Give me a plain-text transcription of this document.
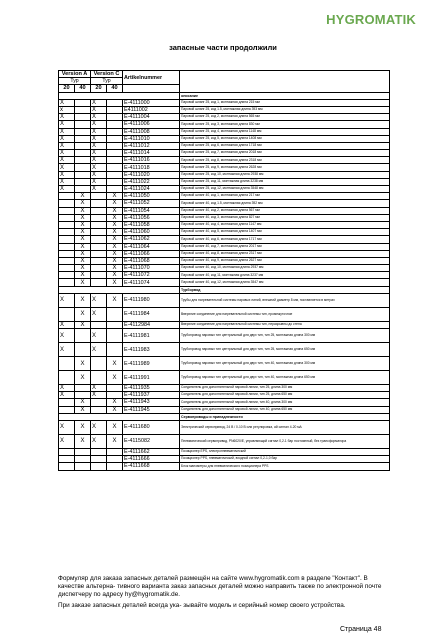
HYGROMATIK
запасные части продолжили
Version A		Version C		Artikelnummer	
Typ		Typ			
20	40	20	40		
					описание
X		X		E-4111000	Паровой шланг 25, код 1, монтажная длина 215 мм
x		X		E4111002	Паровой шланг 25, код 1.5, монтажная длина 393 мм
X		X		E-4111004	Паровой шланг 25, код 2, монтажная длина 565 мм
X		X		E-4111006	Паровой шланг 25, код 3, монтажная длина 830 мм
X		X		E-4111008	Паровой шланг 25, код 4, монтажная длина 1148 мм
X		X		E-4111010	Паровой шланг 25, код 5, монтажная длина 1408 мм
X		X		E-4111012	Паровой шланг 25, код 6, монтажная длина 1718 мм
X		X		E-4111014	Паровой шланг 25, код 7, монтажная длина 2018 мм
X		X		E-4111016	Паровой шланг 25, код 8, монтажная длина 2318 мм
X		X		E-4111018	Паровой шланг 25, код 9, монтажная длина 2628 мм
X		X		E-4111020	Паровой шланг 25, код 10, монтажная длина 2938 мм
X		X		E-4111022	Паровой шланг 25, код 11, монтажная длина 3238 мм
X		X		E-4111024	Паровой шланг 25, код 12, монтажная длина 3548 мм
	X		X	E-4111050	Паровой шланг 40, код 1, монтажная длина 217 мм
	X		X	E-4111052	Паровой шланг 40, код 1.5, монтажная длина 392 мм
	X		X	E-4111054	Паровой шланг 40, код 2, монтажная длина 567 мм
	X		X	E-4111056	Паровой шланг 40, код 3, монтажная длина 827 мм
	X		X	E-4111058	Паровой шланг 40, код 4, монтажная длина 1147 мм
	X		X	E-4111060	Паровой шланг 40, код 5, монтажная длина 1407 мм
	X		X	E-4111062	Паровой шланг 40, код 6, монтажная длина 1717 мм
	X		X	E-4111064	Паровой шланг 40, код 7, монтажная длина 2017 мм
	X		X	E-4111066	Паровой шланг 40, код 8, монтажная длина 2317 мм
	X		X	E-4111068	Паровой шланг 40, код 9, монтажная длина 2627 мм
	X		X	E-4111070	Паровой шланг 40, код 10, монтажная длина 2937 мм
	X		X	E-4111072	Паровой шланг 40, код 11, монтажная длина 3237 мм
	X		X	E-4111074	Паровой шланг 40, код 12, монтажная длина 3547 мм
					Турборвод
X	X	X	X	E-4111980	Трубы для нагревательной системы паровых линий, внешний диаметр 8 мм, поставляется в метрах
	X	X		E-4111984	Вверхние соединение для нагревательной системы тин, промежуточное
X	X			E-4112984	Вверхние соединение для нагревательной системы тин, неразрывны до стена
X		X		E-4111981	Трубопровод паровых тин центральный для двух тин, тип 25, монтажная длина 300 мм
X		X		E-4111983	Трубопровод паровых тин центральный для двух тин, тип 25, монтажная длина 650 мм
	X		X	E-4111989	Трубопровод паровых тин центральный для двух тин, тип 40, монтажная длина 300 мм
	X		X	E-4111991	Трубопровод паровых тин центральный для двух тин, тип 40, монтажная длина 650 мм
X		X		E-4111935	Соединитель для дополнительной паровой линии, тип 25, длина 300 мм
X		X		E-4111937	Соединитель для дополнительной паровой линии, тип 25, длина 650 мм
	X		X	E-4111943	Соединитель для дополнительной паровой линии, тип 40, длина 300 мм
	X		X	E-4111945	Соединитель для дополнительной паровой линии, тип 40, длина 650 мм
					Сервоприводы и принадлежности
X	X	X	X	E-4111680	Электрический сервопривод, 24 В / 0-10 В или регулировка, ай сигнал 4-20 мА
X	X	X	X	E-4115082	Пневматический сервопривод, PN6020/E, управляющий сигнал 0,2-1 бар постоянный, без трансформатора
				E-4111662	Позиционер EPS, электропневматический
				E-4111666	Позиционер PPS, пневматический, входной сигнал 0,2-1,0 бар
				E-4111668	Блок манометры для пневматического позиционера PPS
Формуляр для заказа запасных деталей размещён на сайте www.hygromatik.com в разделе "Контакт". В качестве альтерна- тивного варианта заказ запасных деталей можно направить также по электронной почте диспетчеру по адресу hy@hygromatik.de.
При заказе запасных деталей всегда ука- зывайте модель и серийный номер своего устройства.
Страница 48
